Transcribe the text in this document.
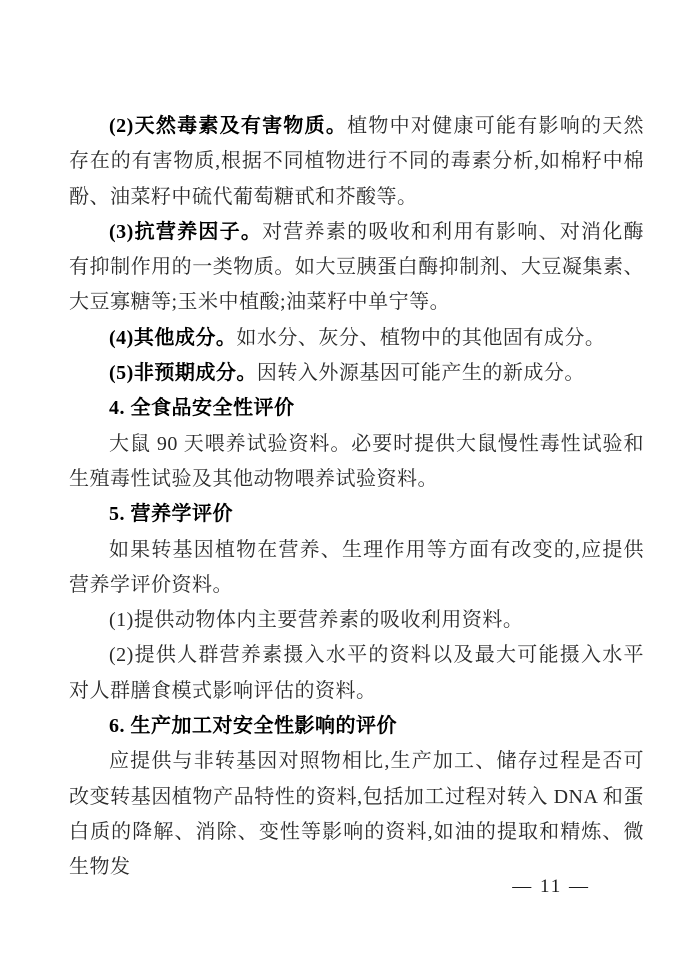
(2)天然毒素及有害物质。植物中对健康可能有影响的天然存在的有害物质,根据不同植物进行不同的毒素分析,如棉籽中棉酚、油菜籽中硫代葡萄糖甙和芥酸等。

(3)抗营养因子。对营养素的吸收和利用有影响、对消化酶有抑制作用的一类物质。如大豆胰蛋白酶抑制剂、大豆凝集素、大豆寡糖等;玉米中植酸;油菜籽中单宁等。

(4)其他成分。如水分、灰分、植物中的其他固有成分。

(5)非预期成分。因转入外源基因可能产生的新成分。

4. 全食品安全性评价

大鼠 90 天喂养试验资料。必要时提供大鼠慢性毒性试验和生殖毒性试验及其他动物喂养试验资料。

5. 营养学评价

如果转基因植物在营养、生理作用等方面有改变的,应提供营养学评价资料。

(1)提供动物体内主要营养素的吸收利用资料。

(2)提供人群营养素摄入水平的资料以及最大可能摄入水平对人群膳食模式影响评估的资料。

6. 生产加工对安全性影响的评价

应提供与非转基因对照物相比,生产加工、储存过程是否可改变转基因植物产品特性的资料,包括加工过程对转入 DNA 和蛋白质的降解、消除、变性等影响的资料,如油的提取和精炼、微生物发

— 11 —
